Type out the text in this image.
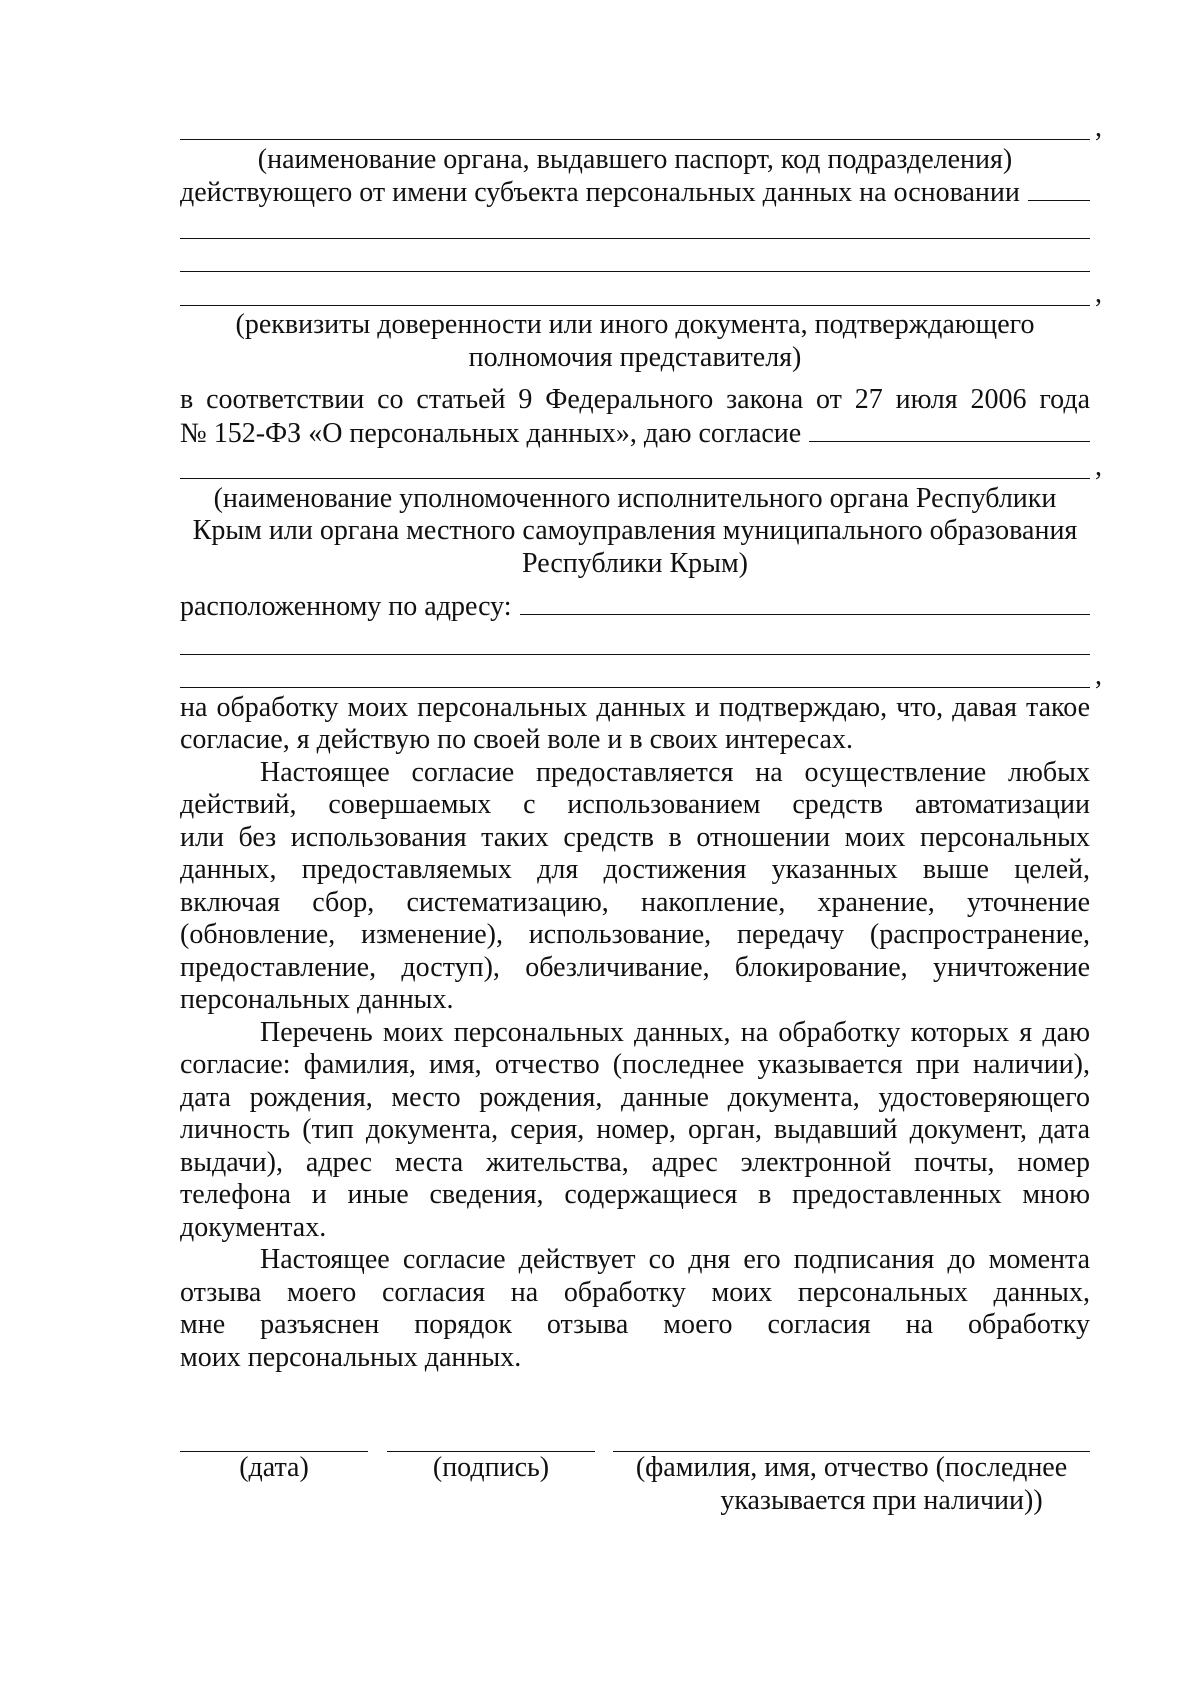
,
(наименование органа, выдавшего паспорт, код подразделения)
действующего от имени субъекта персональных данных на основании
,
(реквизиты доверенности или иного документа, подтверждающего
полномочия представителя)
в соответствии со статьей 9 Федерального закона от 27 июля 2006 года
№ 152-ФЗ «О персональных данных», даю согласие
,
(наименование уполномоченного исполнительного органа Республики
Крым или органа местного самоуправления муниципального образования
Республики Крым)
расположенному по адресу:
,
на обработку моих персональных данных и подтверждаю, что, давая такое
согласие, я действую по своей воле и в своих интересах.
Настоящее согласие предоставляется на осуществление любых
действий, совершаемых с использованием средств автоматизации
или без использования таких средств в отношении моих персональных
данных, предоставляемых для достижения указанных выше целей,
включая сбор, систематизацию, накопление, хранение, уточнение
(обновление, изменение), использование, передачу (распространение,
предоставление, доступ), обезличивание, блокирование, уничтожение
персональных данных.
Перечень моих персональных данных, на обработку которых я даю
согласие: фамилия, имя, отчество (последнее указывается при наличии),
дата рождения, место рождения, данные документа, удостоверяющего
личность (тип документа, серия, номер, орган, выдавший документ, дата
выдачи), адрес места жительства, адрес электронной почты, номер
телефона и иные сведения, содержащиеся в предоставленных мною
документах.
Настоящее согласие действует со дня его подписания до момента
отзыва моего согласия на обработку моих персональных данных,
мне разъяснен порядок отзыва моего согласия на обработку
моих персональных данных.
(дата)	(подпись)	(фамилия, имя, отчество (последнее
указывается при наличии))
